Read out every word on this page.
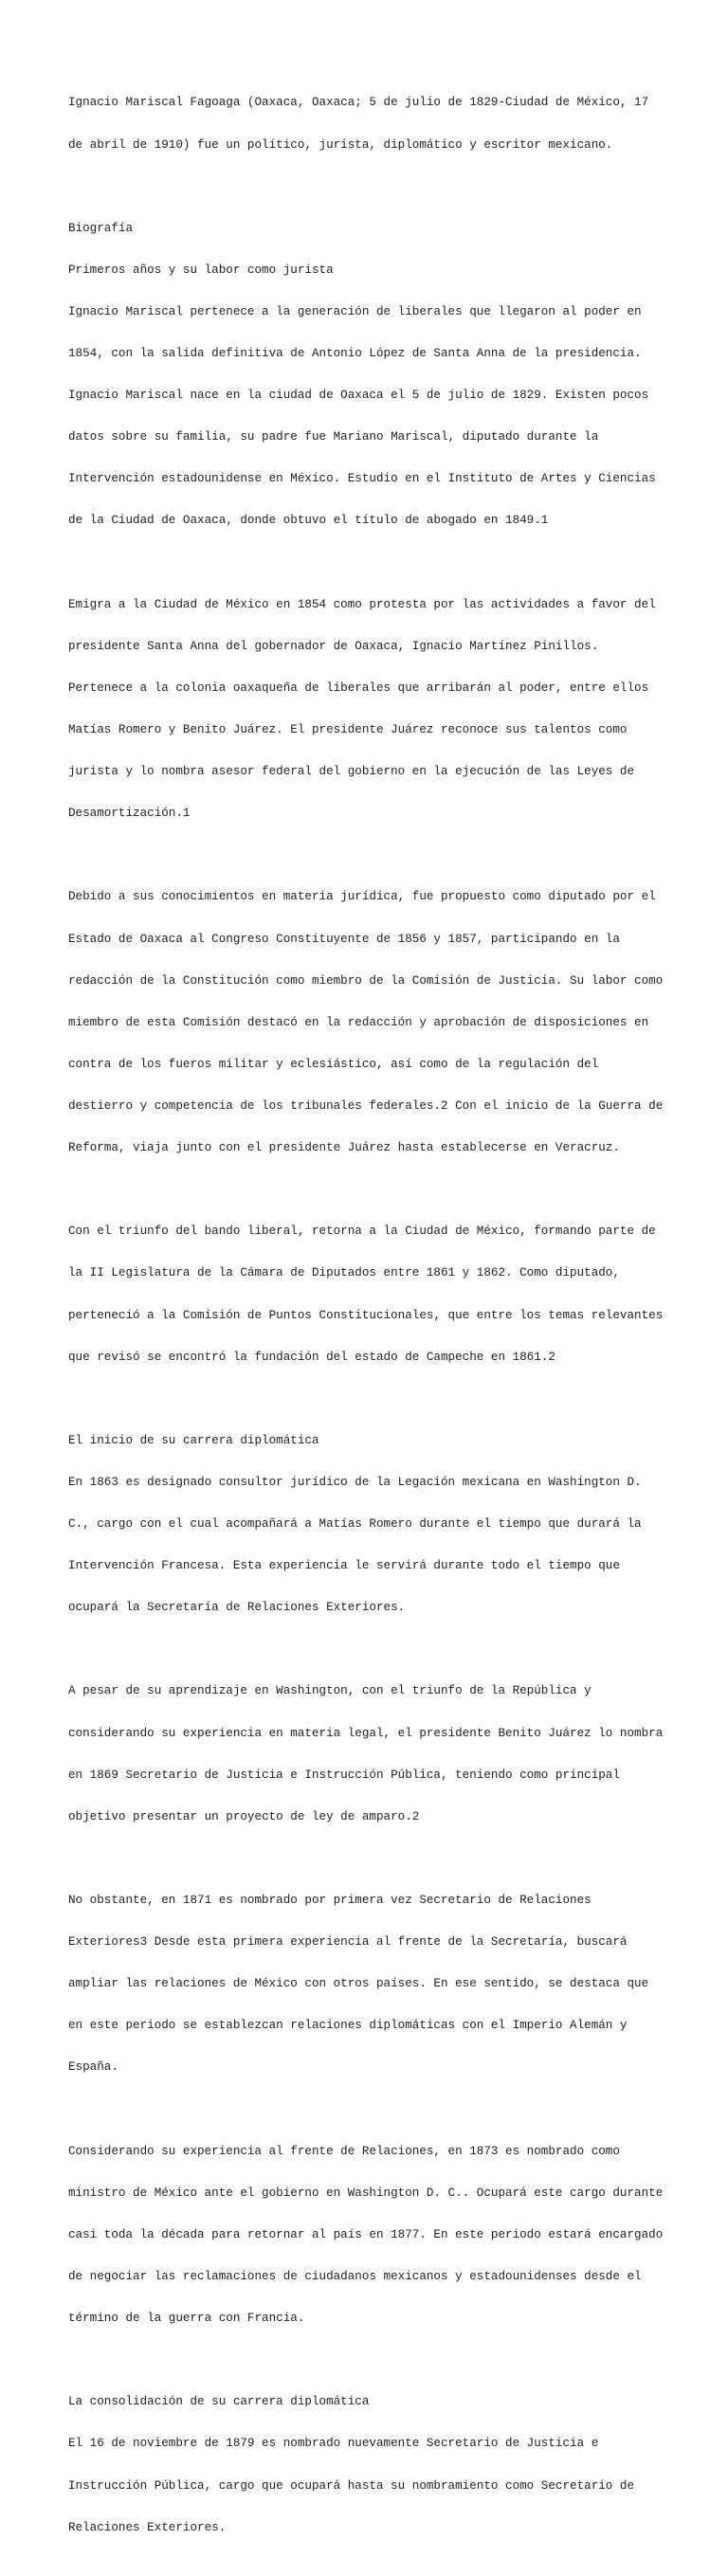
Ignacio Mariscal Fagoaga (Oaxaca, Oaxaca; 5 de julio de 1829-Ciudad de México, 17

de abril de 1910) fue un político, jurista, diplomático y escritor mexicano.

Biografía

Primeros años y su labor como jurista

Ignacio Mariscal pertenece a la generación de liberales que llegaron al poder en

1854, con la salida definitiva de Antonio López de Santa Anna de la presidencia.

Ignacio Mariscal nace en la ciudad de Oaxaca el 5 de julio de 1829. Existen pocos

datos sobre su familia, su padre fue Mariano Mariscal, diputado durante la

Intervención estadounidense en México. Estudio en el Instituto de Artes y Ciencias

de la Ciudad de Oaxaca, donde obtuvo el título de abogado en 1849.1

Emigra a la Ciudad de México en 1854 como protesta por las actividades a favor del

presidente Santa Anna del gobernador de Oaxaca, Ignacio Martínez Pinillos.

Pertenece a la colonia oaxaqueña de liberales que arribarán al poder, entre ellos

Matías Romero y Benito Juárez. El presidente Juárez reconoce sus talentos como

jurista y lo nombra asesor federal del gobierno en la ejecución de las Leyes de

Desamortización.1

Debido a sus conocimientos en materia jurídica, fue propuesto como diputado por el

Estado de Oaxaca al Congreso Constituyente de 1856 y 1857, participando en la

redacción de la Constitución como miembro de la Comisión de Justicia. Su labor como

miembro de esta Comisión destacó en la redacción y aprobación de disposiciones en

contra de los fueros militar y eclesiástico, así como de la regulación del

destierro y competencia de los tribunales federales.2 Con el inicio de la Guerra de

Reforma, viaja junto con el presidente Juárez hasta establecerse en Veracruz.

Con el triunfo del bando liberal, retorna a la Ciudad de México, formando parte de

la II Legislatura de la Cámara de Diputados entre 1861 y 1862. Como diputado,

perteneció a la Comisión de Puntos Constitucionales, que entre los temas relevantes

que revisó se encontró la fundación del estado de Campeche en 1861.2

El inicio de su carrera diplomática

En 1863 es designado consultor jurídico de la Legación mexicana en Washington D.

C., cargo con el cual acompañará a Matías Romero durante el tiempo que durará la

Intervención Francesa. Esta experiencia le servirá durante todo el tiempo que

ocupará la Secretaría de Relaciones Exteriores.

A pesar de su aprendizaje en Washington, con el triunfo de la República y

considerando su experiencia en materia legal, el presidente Benito Juárez lo nombra

en 1869 Secretario de Justicia e Instrucción Pública, teniendo como principal

objetivo presentar un proyecto de ley de amparo.2

No obstante, en 1871 es nombrado por primera vez Secretario de Relaciones

Exteriores3 Desde esta primera experiencia al frente de la Secretaría, buscará

ampliar las relaciones de México con otros países. En ese sentido, se destaca que

en este periodo se establezcan relaciones diplomáticas con el Imperio Alemán y

España.

Considerando su experiencia al frente de Relaciones, en 1873 es nombrado como

ministro de México ante el gobierno en Washington D. C.. Ocupará este cargo durante

casi toda la década para retornar al país en 1877. En este periodo estará encargado

de negociar las reclamaciones de ciudadanos mexicanos y estadounidenses desde el

término de la guerra con Francia.

La consolidación de su carrera diplomática

El 16 de noviembre de 1879 es nombrado nuevamente Secretario de Justicia e

Instrucción Pública, cargo que ocupará hasta su nombramiento como Secretario de

Relaciones Exteriores.
